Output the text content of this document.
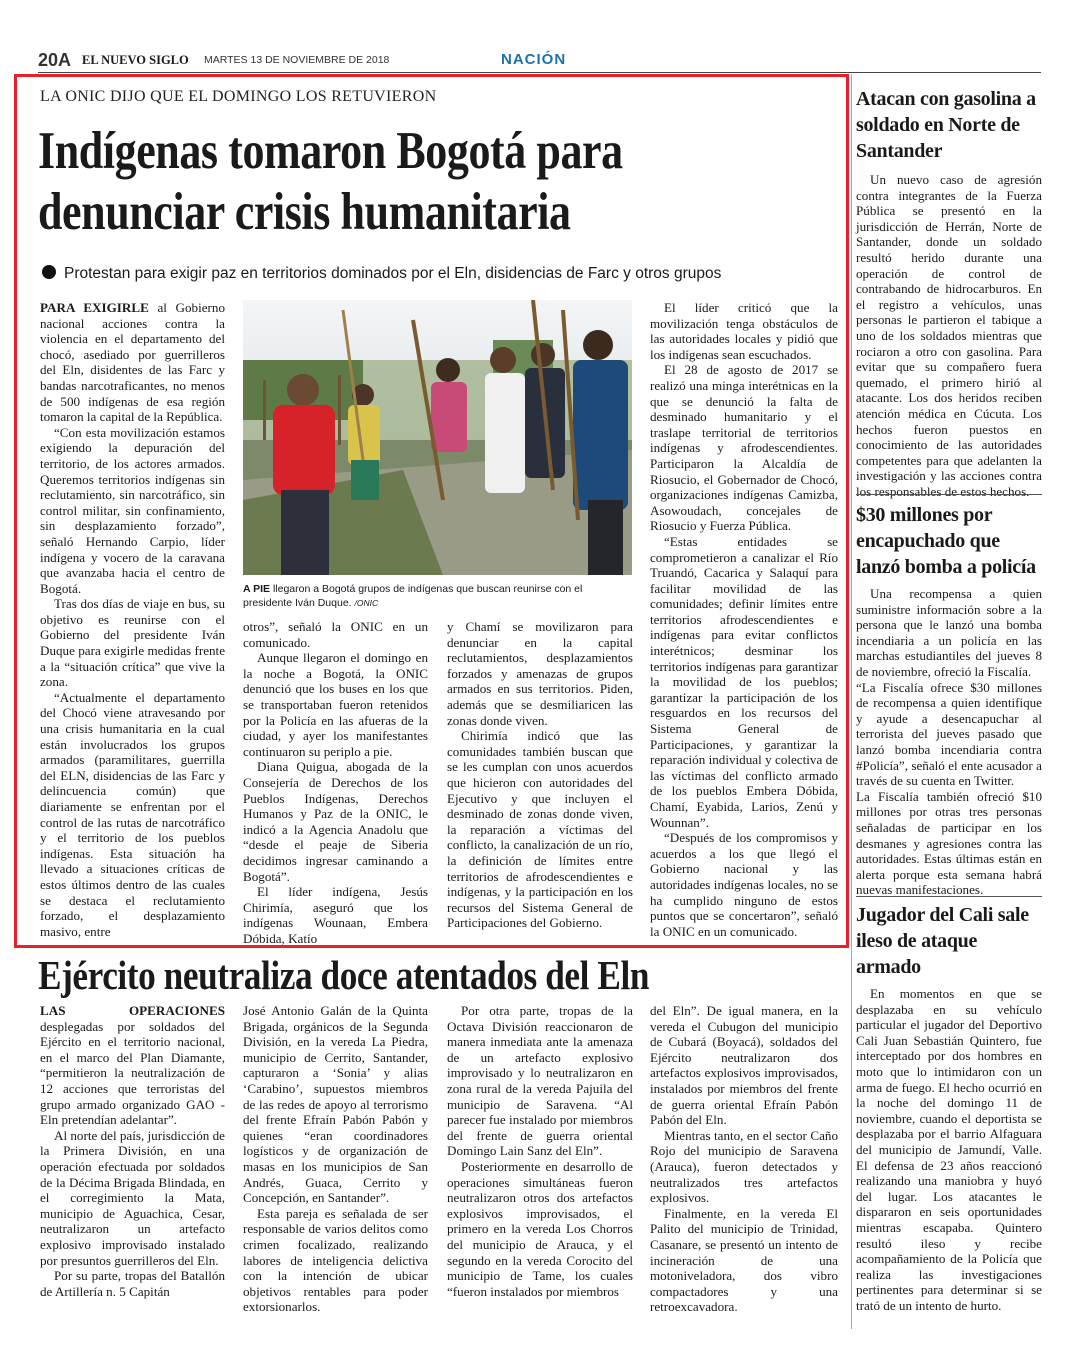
20A EL NUEVO SIGLO MARTES 13 DE NOVIEMBRE DE 2018	NACIÓN
LA ONIC DIJO QUE EL DOMINGO LOS RETUVIERON
Indígenas tomaron Bogotá para
denunciar crisis humanitaria
Protestan para exigir paz en territorios dominados por el Eln, disidencias de Farc y otros grupos
A PIE llegaron a Bogotá grupos de indígenas que buscan reunirse con el presidente Iván Duque. /ONIC

PARA EXIGIRLE al Gobierno nacional acciones contra la violencia en el departamento del chocó, asediado por guerrilleros del Eln, disidentes de las Farc y bandas narcotraficantes, no menos de 500 indígenas de esa región tomaron la capital de la República.

“Con esta movilización estamos exigiendo la depuración del territorio, de los actores armados. Queremos territorios indígenas sin reclutamiento, sin narcotráfico, sin control militar, sin confinamiento, sin desplazamiento forzado”, señaló Hernando Carpio, líder indígena y vocero de la caravana que avanzaba hacia el centro de Bogotá.

Tras dos días de viaje en bus, su objetivo es reunirse con el Gobierno del presidente Iván Duque para exigirle medidas frente a la “situación crítica” que vive la zona.

“Actualmente el departamento del Chocó viene atravesando por una crisis humanitaria en la cual están involucrados los grupos armados (paramilitares, guerrilla del ELN, disidencias de las Farc y delincuencia común) que diariamente se enfrentan por el control de las rutas de narcotráfico y el territorio de los pueblos indígenas. Esta situación ha llevado a situaciones críticas de estos últimos dentro de las cuales se destaca el reclutamiento forzado, el desplazamiento masivo, entre

otros”, señaló la ONIC en un comunicado.

Aunque llegaron el domingo en la noche a Bogotá, la ONIC denunció que los buses en los que se transportaban fueron retenidos por la Policía en las afueras de la ciudad, y ayer los manifestantes continuaron su periplo a pie.

Diana Quigua, abogada de la Consejería de Derechos de los Pueblos Indígenas, Derechos Humanos y Paz de la ONIC, le indicó a la Agencia Anadolu que “desde el peaje de Siberia decidimos ingresar caminando a Bogotá”.

El líder indígena, Jesús Chirimía, aseguró que los indígenas Wounaan, Embera Dóbida, Katío

y Chamí se movilizaron para denunciar en la capital reclutamientos, desplazamientos forzados y amenazas de grupos armados en sus territorios. Piden, además que se desmiliaricen las zonas donde viven.

Chirimía indicó que las comunidades también buscan que se les cumplan con unos acuerdos que hicieron con autoridades del Ejecutivo y que incluyen el desminado de zonas donde viven, la reparación a víctimas del conflicto, la canalización de un río, la definición de límites entre territorios de afrodescendientes e indígenas, y la participación en los recursos del Sistema General de Participaciones del Gobierno.

El líder criticó que la movilización tenga obstáculos de las autoridades locales y pidió que los indígenas sean escuchados.

El 28 de agosto de 2017 se realizó una minga interétnicas en la que se denunció la falta de desminado humanitario y el traslape territorial de territorios indígenas y afrodescendientes. Participaron la Alcaldía de Riosucio, el Gobernador de Chocó, organizaciones indígenas Camizba, Asowoudach, concejales de Riosucio y Fuerza Pública.

“Estas entidades se comprometieron a canalizar el Río Truandó, Cacarica y Salaquí para facilitar movilidad de las comunidades; definir límites entre territorios afrodescendientes e indígenas para evitar conflictos interétnicos; desminar los territorios indígenas para garantizar la movilidad de los pueblos; garantizar la participación de los resguardos en los recursos del Sistema General de Participaciones, y garantizar la reparación individual y colectiva de las víctimas del conflicto armado de los pueblos Embera Dóbida, Chamí, Eyabida, Larios, Zenú y Wounnan”.

“Después de los compromisos y acuerdos a los que llegó el Gobierno nacional y las autoridades indígenas locales, no se ha cumplido ninguno de estos puntos que se concertaron”, señaló la ONIC en un comunicado.

Ejército neutraliza doce atentados del Eln

LAS OPERACIONES desplegadas por soldados del Ejército en el territorio nacional, en el marco del Plan Diamante, “permitieron la neutralización de 12 acciones que terroristas del grupo armado organizado GAO - Eln pretendían adelantar”.

Al norte del país, jurisdicción de la Primera División, en una operación efectuada por soldados de la Décima Brigada Blindada, en el corregimiento la Mata, municipio de Aguachica, Cesar, neutralizaron un artefacto explosivo improvisado instalado por presuntos guerrilleros del Eln.

Por su parte, tropas del Batallón de Artillería n. 5 Capitán

José Antonio Galán de la Quinta Brigada, orgánicos de la Segunda División, en la vereda La Piedra, municipio de Cerrito, Santander, capturaron a ‘Sonia’ y alias ‘Carabino’, supuestos miembros de las redes de apoyo al terrorismo del frente Efraín Pabón Pabón y quienes “eran coordinadores logísticos y de organización de masas en los municipios de San Andrés, Guaca, Cerrito y Concepción, en Santander”.

Esta pareja es señalada de ser responsable de varios delitos como crimen focalizado, realizando labores de inteligencia delictiva con la intención de ubicar objetivos rentables para poder extorsionarlos.

Por otra parte, tropas de la Octava División reaccionaron de manera inmediata ante la amenaza de un artefacto explosivo improvisado y lo neutralizaron en zona rural de la vereda Pajuila del municipio de Saravena. “Al parecer fue instalado por miembros del frente de guerra oriental Domingo Lain Sanz del Eln”.

Posteriormente en desarrollo de operaciones simultáneas fueron neutralizaron otros dos artefactos explosivos improvisados, el primero en la vereda Los Chorros del municipio de Arauca, y el segundo en la vereda Corocito del municipio de Tame, los cuales “fueron instalados por miembros

del Eln”. De igual manera, en la vereda el Cubugon del municipio de Cubará (Boyacá), soldados del Ejército neutralizaron dos artefactos explosivos improvisados, instalados por miembros del frente de guerra oriental Efraín Pabón Pabón del Eln.

Mientras tanto, en el sector Caño Rojo del municipio de Saravena (Arauca), fueron detectados y neutralizados tres artefactos explosivos.

Finalmente, en la vereda El Palito del municipio de Trinidad, Casanare, se presentó un intento de incineración de una motoniveladora, dos vibro compactadores y una retroexcavadora.

Atacan con gasolina a soldado en Norte de Santander

Un nuevo caso de agresión contra integrantes de la Fuerza Pública se presentó en la jurisdicción de Herrán, Norte de Santander, donde un soldado resultó herido durante una operación de control de contrabando de hidrocarburos. En el registro a vehículos, unas personas le partieron el tabique a uno de los soldados mientras que rociaron a otro con gasolina. Para evitar que su compañero fuera quemado, el primero hirió al atacante. Los dos heridos reciben atención médica en Cúcuta. Los hechos fueron puestos en conocimiento de las autoridades competentes para que adelanten la investigación y las acciones contra los responsables de estos hechos.

$30 millones por encapuchado que lanzó bomba a policía

Una recompensa a quien suministre información sobre a la persona que le lanzó una bomba incendiaria a un policía en las marchas estudiantiles del jueves 8 de noviembre, ofreció la Fiscalía.

“La Fiscalía ofrece $30 millones de recompensa a quien identifique y ayude a desencapuchar al terrorista del jueves pasado que lanzó bomba incendiaria contra #Policía”, señaló el ente acusador a través de su cuenta en Twitter.

La Fiscalía también ofreció $10 millones por otras tres personas señaladas de participar en los desmanes y agresiones contra las autoridades. Estas últimas están en alerta porque esta semana habrá nuevas manifestaciones.

Jugador del Cali sale ileso de ataque armado

En momentos en que se desplazaba en su vehículo particular el jugador del Deportivo Cali Juan Sebastián Quintero, fue interceptado por dos hombres en moto que lo intimidaron con un arma de fuego. El hecho ocurrió en la noche del domingo 11 de noviembre, cuando el deportista se desplazaba por el barrio Alfaguara del municipio de Jamundí, Valle. El defensa de 23 años reaccionó realizando una maniobra y huyó del lugar. Los atacantes le dispararon en seis oportunidades mientras escapaba. Quintero resultó ileso y recibe acompañamiento de la Policía que realiza las investigaciones pertinentes para determinar si se trató de un intento de hurto.
